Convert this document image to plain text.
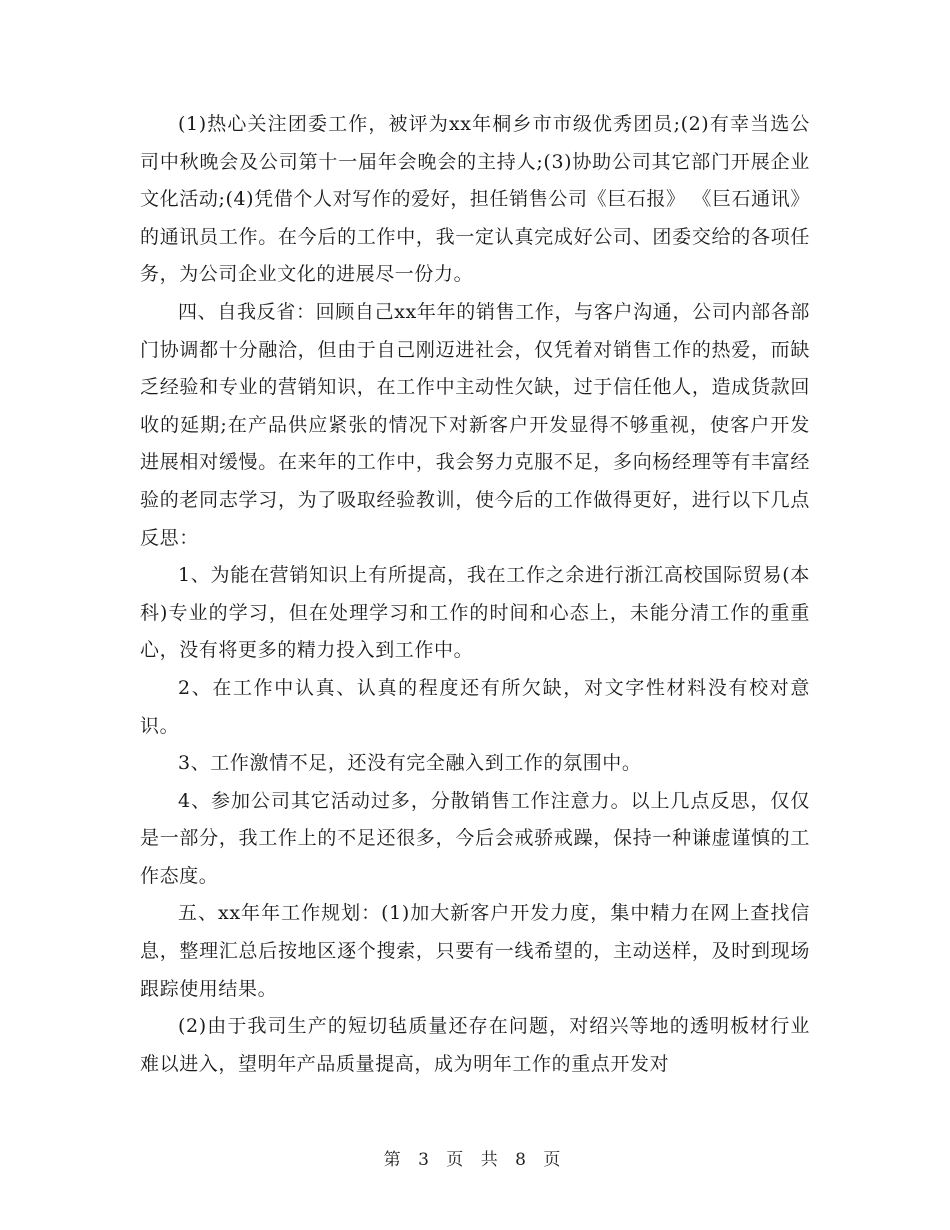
(1)热心关注团委工作，被评为xx年桐乡市市级优秀团员;(2)有幸当选公司中秋晚会及公司第十一届年会晚会的主持人;(3)协助公司其它部门开展企业文化活动;(4)凭借个人对写作的爱好，担任销售公司《巨石报》 《巨石通讯》的通讯员工作。在今后的工作中，我一定认真完成好公司、团委交给的各项任务，为公司企业文化的进展尽一份力。

四、自我反省：回顾自己xx年年的销售工作，与客户沟通，公司内部各部门协调都十分融洽，但由于自己刚迈进社会，仅凭着对销售工作的热爱，而缺乏经验和专业的营销知识，在工作中主动性欠缺，过于信任他人，造成货款回收的延期;在产品供应紧张的情况下对新客户开发显得不够重视，使客户开发进展相对缓慢。在来年的工作中，我会努力克服不足，多向杨经理等有丰富经验的老同志学习，为了吸取经验教训，使今后的工作做得更好，进行以下几点反思：

1、为能在营销知识上有所提高，我在工作之余进行浙江高校国际贸易(本科)专业的学习，但在处理学习和工作的时间和心态上，未能分清工作的重重心，没有将更多的精力投入到工作中。

2、在工作中认真、认真的程度还有所欠缺，对文字性材料没有校对意识。

3、工作激情不足，还没有完全融入到工作的氛围中。

4、参加公司其它活动过多，分散销售工作注意力。以上几点反思，仅仅是一部分，我工作上的不足还很多，今后会戒骄戒躁，保持一种谦虚谨慎的工作态度。

五、xx年年工作规划：(1)加大新客户开发力度，集中精力在网上查找信息，整理汇总后按地区逐个搜索，只要有一线希望的，主动送样，及时到现场跟踪使用结果。

(2)由于我司生产的短切毡质量还存在问题，对绍兴等地的透明板材行业难以进入，望明年产品质量提高，成为明年工作的重点开发对

第 3 页 共 8 页
